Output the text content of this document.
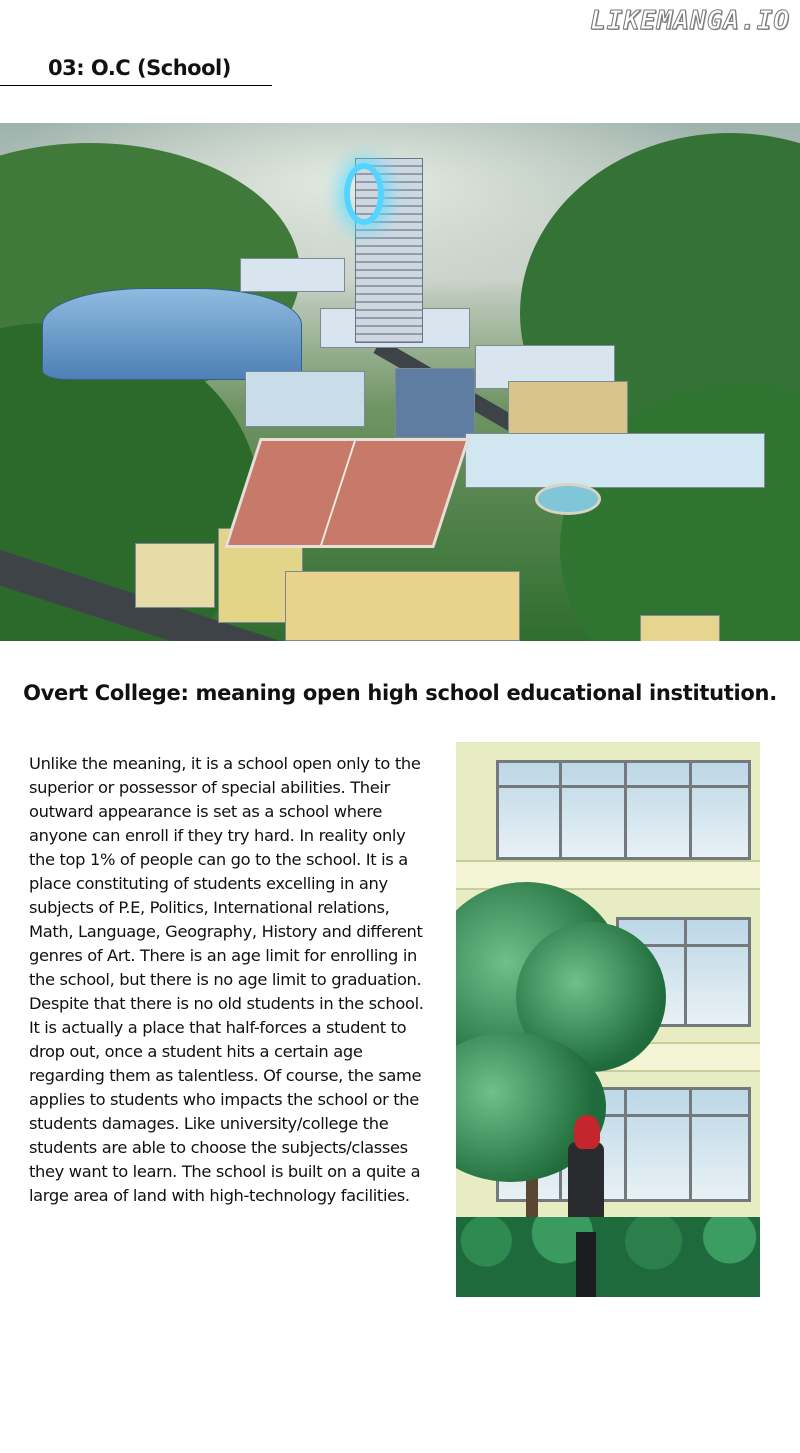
LIKEMANGA.IO
03: O.C (School)
Overt College: meaning open high school educational institution.
Unlike the meaning, it is a school open only to the
superior or possessor of special abilities. Their
outward appearance is set as a school where
anyone can enroll if they try hard. In reality only
the top 1% of people can go to the school. It is a
place constituting of students excelling in any
subjects of P.E, Politics, International relations,
Math, Language, Geography, History and different
genres of Art. There is an age limit for enrolling in
the school, but there is no age limit to graduation.
Despite that there is no old students in the school.
It is actually a place that half-forces a student to
drop out, once a student hits a certain age
regarding them as talentless. Of course, the same
applies to students who impacts the school or the
students damages. Like university/college the
students are able to choose the subjects/classes
they want to learn. The school is built on a quite a
large area of land with high-technology facilities.
